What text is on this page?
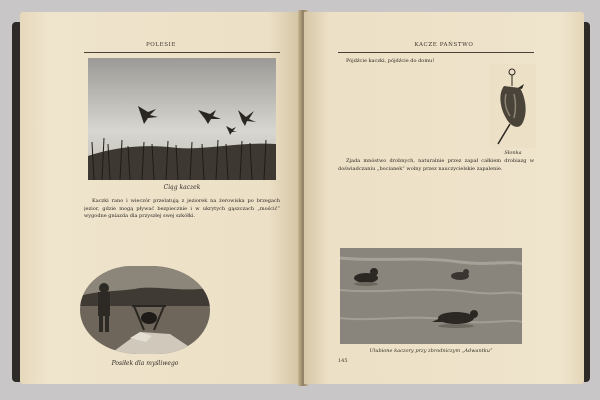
POLESIE
Ciąg kaczek

Kaczki rano i wieczór przelatują z jeziorek na żerowiska po brzegach jezior, gdzie mogą pływać bezpiecznie i w ukrytych gąszczach „mościć” wygodne gniazda dla przyszłej swej szkółki.

Posiłek dla myśliwego
KACZE PAŃSTWO

Pójdźcie kaczki, pójdźcie do domu!

Słonka

Zjada mnóstwo drobnych, naturalnie przez zapał całkiem drobiazg w doświadczaniu „bocianek” wolny przez nauczycielskie zapalenie.

Ulubione kaczory przy zbrodniczym „Adwantku”
145
